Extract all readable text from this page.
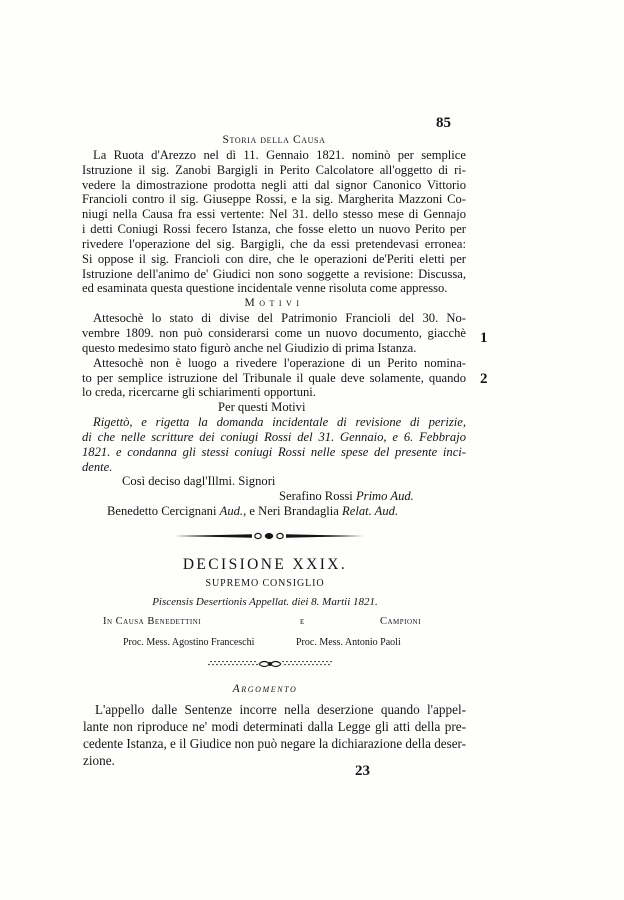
85
1
2
Storia della Causa
La Ruota d'Arezzo nel dì 11. Gennaio 1821. nominò per semplice
Istruzione il sig. Zanobi Bargigli in Perito Calcolatore all'oggetto di ri-
vedere la dimostrazione prodotta negli atti dal signor Canonico Vittorio
Francioli contro il sig. Giuseppe Rossi, e la sig. Margherita Mazzoni Co-
niugi nella Causa fra essi vertente: Nel 31. dello stesso mese di Gennajo
i detti Coniugi Rossi fecero Istanza, che fosse eletto un nuovo Perito per
rivedere l'operazione del sig. Bargigli, che da essi pretendevasi erronea:
Si oppose il sig. Francioli con dire, che le operazioni de'Periti eletti per
Istruzione dell'animo de' Giudici non sono soggette a revisione: Discussa,
ed esaminata questa questione incidentale venne risoluta come appresso.
Motivi
Attesochè lo stato di divise del Patrimonio Francioli del 30. No-
vembre 1809. non può considerarsi come un nuovo documento, giacchè
questo medesimo stato figurò anche nel Giudizio di prima Istanza.
Attesochè non è luogo a rivedere l'operazione di un Perito nomina-
to per semplice istruzione del Tribunale il quale deve solamente, quando
lo creda, ricercarne gli schiarimenti opportuni.
Per questi Motivi
Rigettò, e rigetta la domanda incidentale di revisione di perizie,
di che nelle scritture dei coniugi Rossi del 31. Gennaio, e 6. Febbrajo
1821. e condanna gli stessi coniugi Rossi nelle spese del presente inci-
dente.
Così deciso dagl'Illmi. Signori
Serafino Rossi Primo Aud.
Benedetto Cercignani Aud., e Neri Brandaglia Relat. Aud.
DECISIONE XXIX.
SUPREMO CONSIGLIO
Piscensis Desertionis Appellat. diei 8. Martii 1821.
In Causa Benedettini	e	Campioni
Proc. Mess. Agostino Franceschi	Proc. Mess. Antonio Paoli
Argomento
L'appello dalle Sentenze incorre nella deserzione quando l'appel-
lante non riproduce ne' modi determinati dalla Legge gli atti della pre-
cedente Istanza, e il Giudice non può negare la dichiarazione della deser-
zione.
23
